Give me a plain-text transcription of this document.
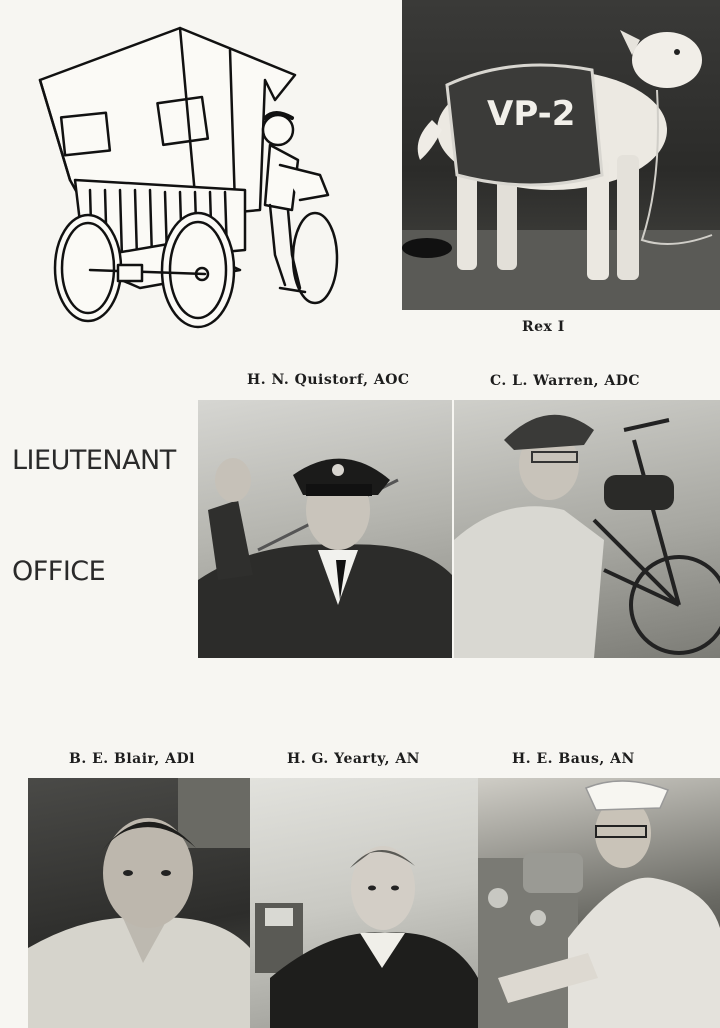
VP-2
Rex I
H. N. Quistorf, AOC	C. L. Warren, ADC
LIEUTENANT
OFFICE
B. E. Blair, ADl	H. G. Yearty, AN	H. E. Baus, AN
